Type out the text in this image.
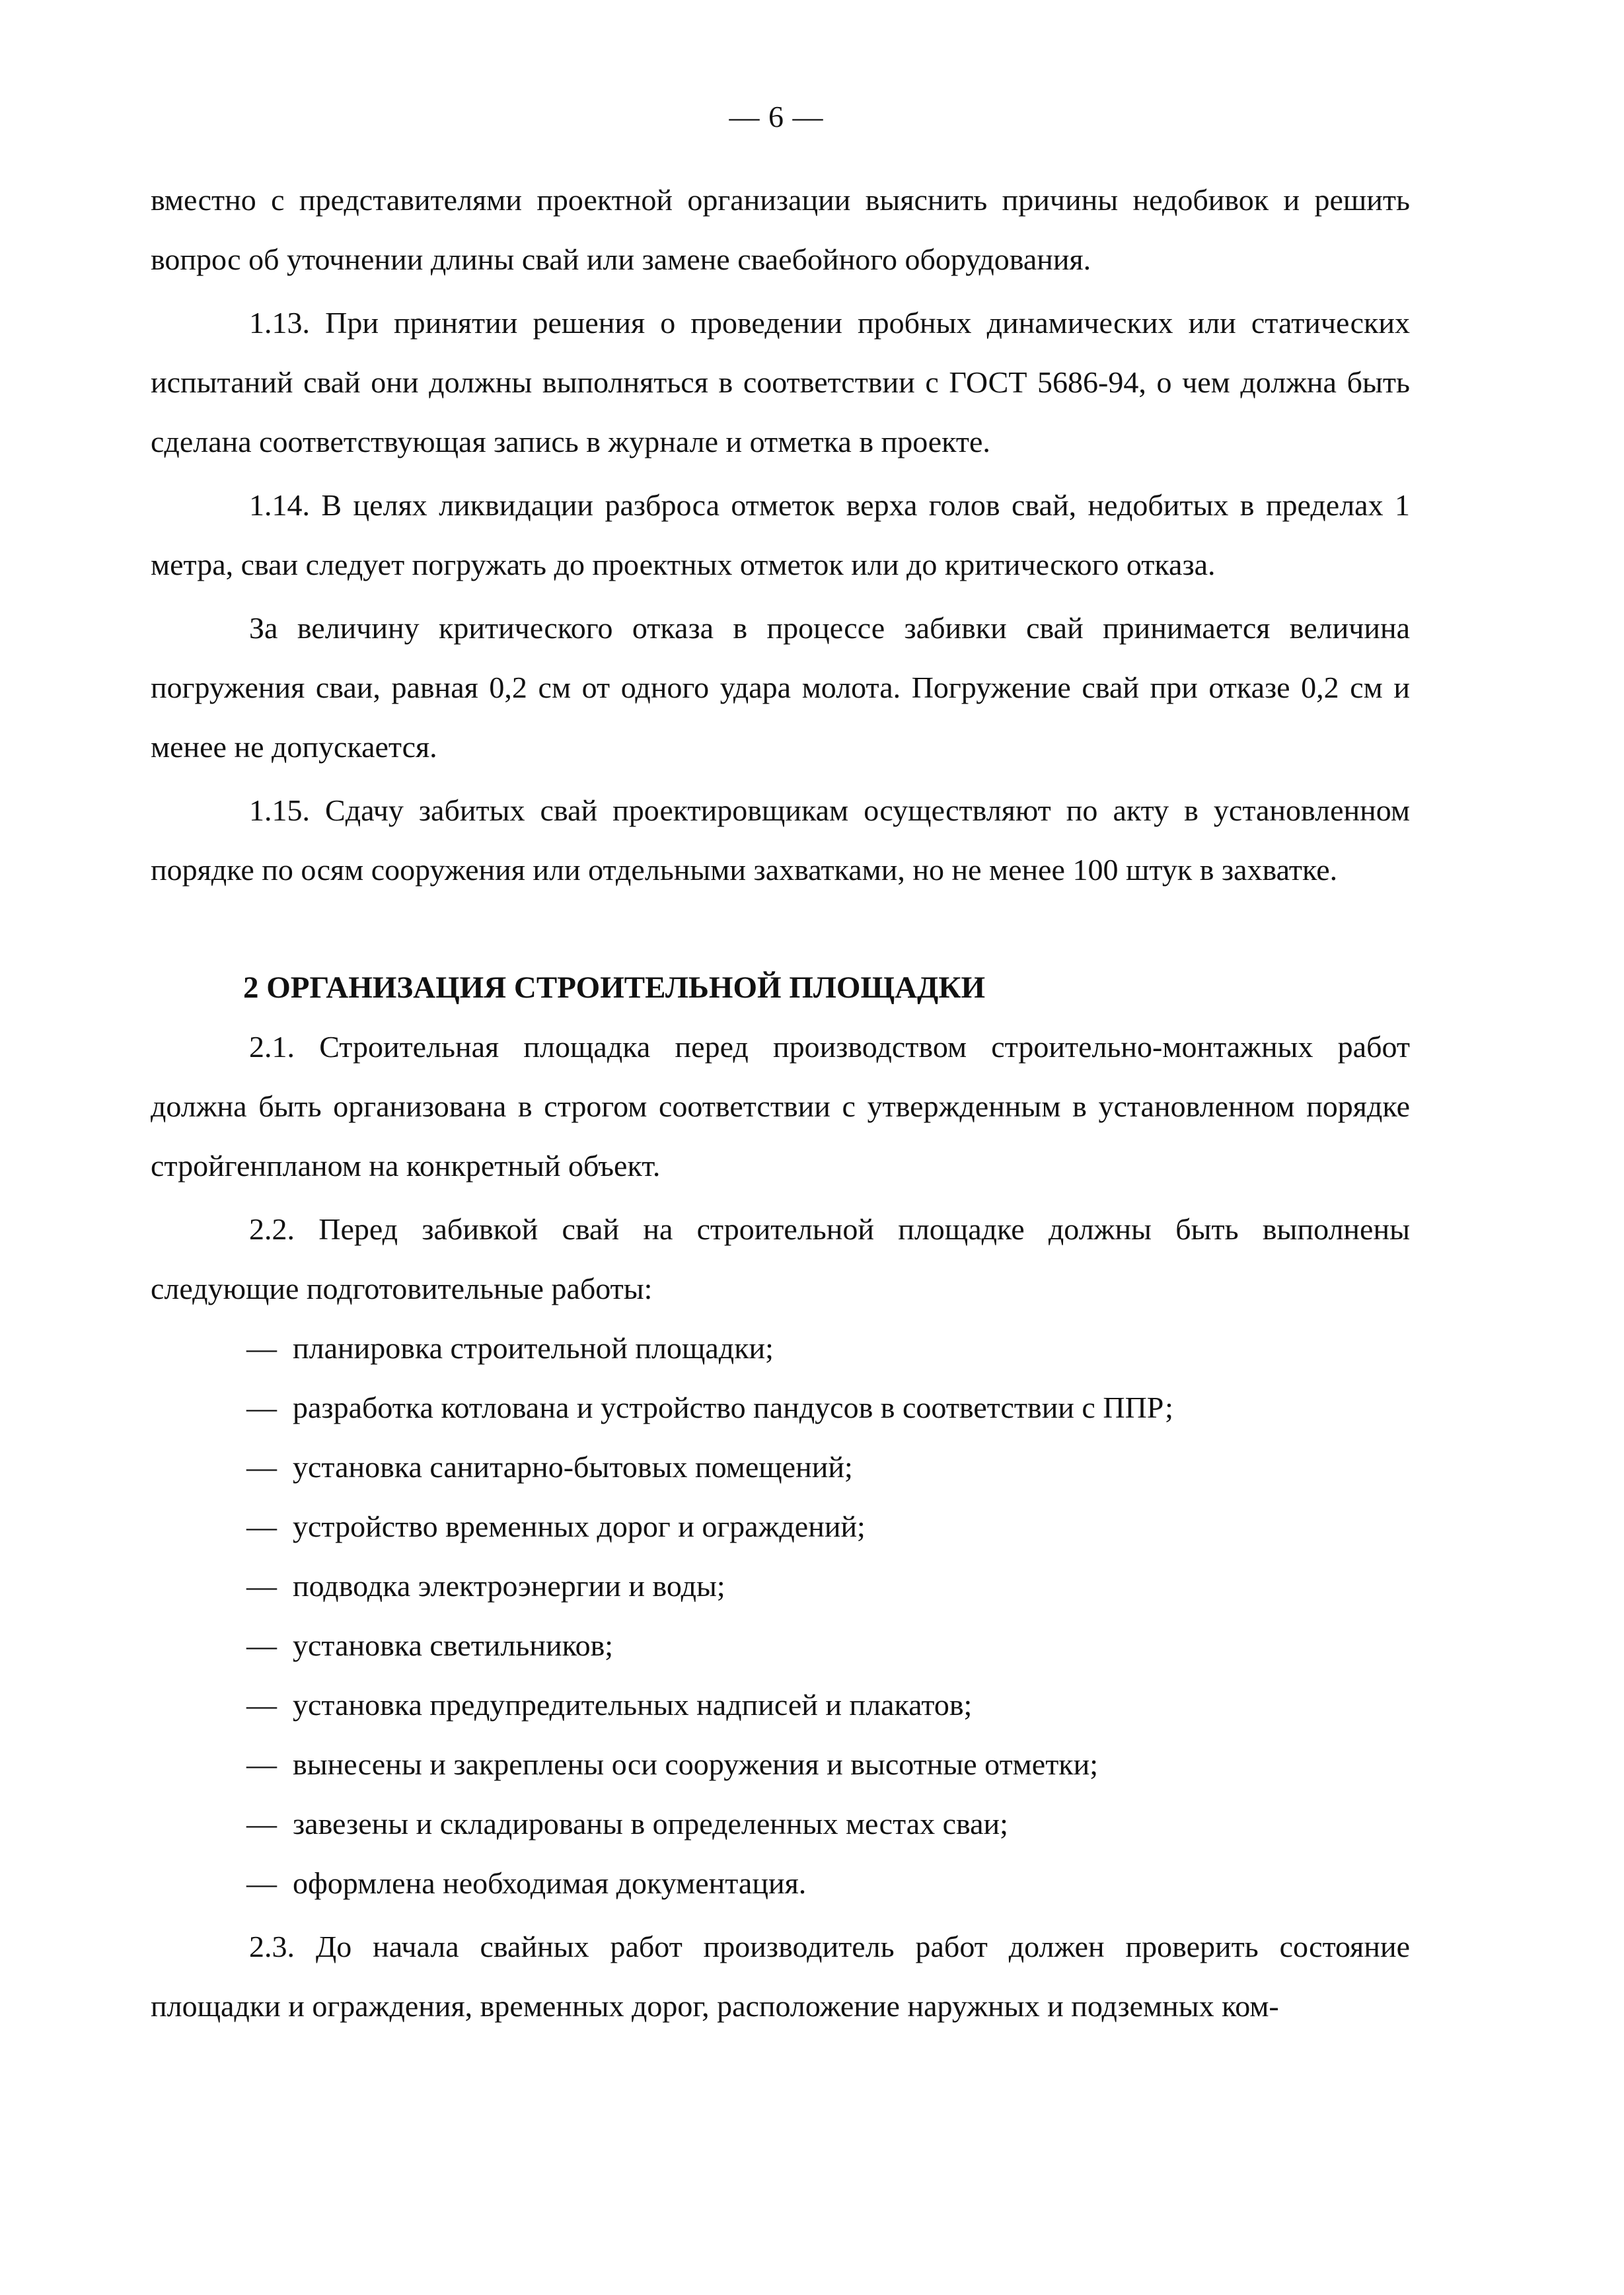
— 6 —

вместно с представителями проектной организации выяснить причины недобивок и решить вопрос об уточнении длины свай или замене сваебойного оборудования.

1.13. При принятии решения о проведении пробных динамических или статических испытаний свай они должны выполняться в соответствии с ГОСТ 5686-94, о чем должна быть сделана соответствующая запись в журнале и отметка в проекте.

1.14. В целях ликвидации разброса отметок верха голов свай, недобитых в пределах 1 метра, сваи следует погружать до проектных отметок или до критического отказа.

За величину критического отказа в процессе забивки свай принимается величина погружения сваи, равная 0,2 см от одного удара молота. Погружение свай при отказе 0,2 см и менее не допускается.

1.15. Сдачу забитых свай проектировщикам осуществляют по акту в установленном порядке по осям сооружения или отдельными захватками, но не менее 100 штук в захватке.

2 ОРГАНИЗАЦИЯ СТРОИТЕЛЬНОЙ ПЛОЩАДКИ

2.1. Строительная площадка перед производством строительно-монтажных работ должна быть организована в строгом соответствии с утвержденным в установленном порядке стройгенпланом на конкретный объект.

2.2. Перед забивкой свай на строительной площадке должны быть выполнены следующие подготовительные работы:

— планировка строительной площадки;
— разработка котлована и устройство пандусов в соответствии с ППР;
— установка санитарно-бытовых помещений;
— устройство временных дорог и ограждений;
— подводка электроэнергии и воды;
— установка светильников;
— установка предупредительных надписей и плакатов;
— вынесены и закреплены оси сооружения и высотные отметки;
— завезены и складированы в определенных местах сваи;
— оформлена необходимая документация.

2.3. До начала свайных работ производитель работ должен проверить состояние площадки и ограждения, временных дорог, расположение наружных и подземных ком-
